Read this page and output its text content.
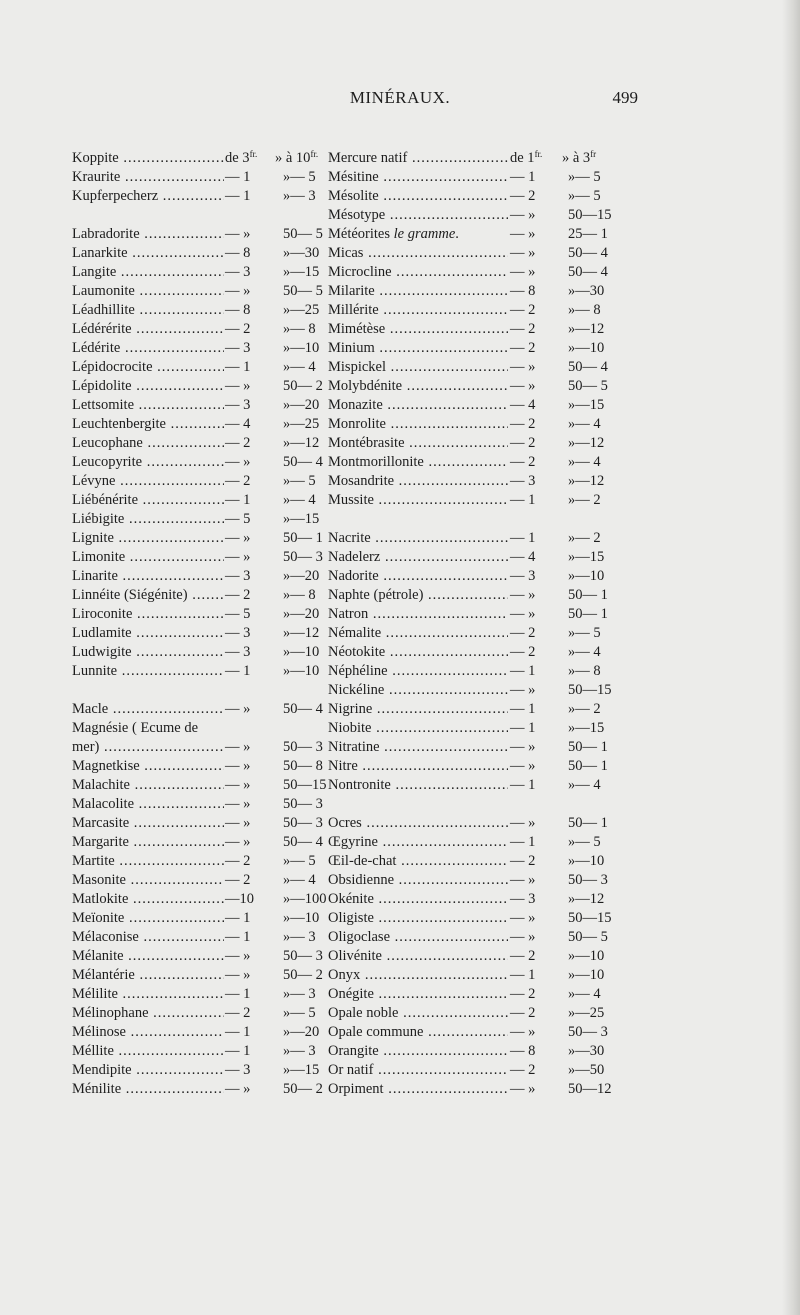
MINÉRAUX.	499
Koppite .....	de $3^{fr.}$ » à $10^{fr.}$
Kraurite .....	— 1 »— 5
Kupferpecherz .....	— 1 »— 3
Labradorite .....	— » 50— 5
Lanarkite .....	— 8 »—30
Langite .....	— 3 »—15
Laumonite .....	— » 50— 5
Léadhillite .....	— 8 »—25
Lédérérite .....	— 2 »— 8
Lédérite .....	— 3 »—10
Lépidocrocite .....	— 1 »— 4
Lépidolite .....	— » 50— 2
Lettsomite .....	— 3 »—20
Leuchtenbergite .....	— 4 »—25
Leucophane .....	— 2 »—12
Leucopyrite .....	— » 50— 4
Lévyne .....	— 2 »— 5
Liébénérite .....	— 1 »— 4
Liébigite .....	— 5 »—15
Lignite .....	— » 50— 1
Limonite .....	— » 50— 3
Linarite .....	— 3 »—20
Linnéite (Siégénite) .....	— 2 »— 8
Liroconite .....	— 5 »—20
Ludlamite .....	— 3 »—12
Ludwigite .....	— 3 »—10
Lunnite .....	— 1 »—10
Macle .....	— » 50— 4
Magnésie ( Ecume de
mer) .....	— » 50— 3
Magnetkise .....	— » 50— 8
Malachite .....	— » 50—15
Malacolite .....	— » 50— 3
Marcasite .....	— » 50— 3
Margarite .....	— » 50— 4
Martite .....	— 2 »— 5
Masonite .....	— 2 »— 4
Matlokite .....	—10 »—100
Meïonite .....	— 1 »—10
Mélaconise .....	— 1 »— 3
Mélanite .....	— » 50— 3
Mélantérie .....	— » 50— 2
Mélilite .....	— 1 »— 3
Mélinophane .....	— 2 »— 5
Mélinose .....	— 1 »—20
Méllite .....	— 1 »— 3
Mendipite .....	— 3 »—15
Ménilite .....	— » 50— 2
Mercure natif .....	de $1^{fr.}$ » à $3^{fr}$
Mésitine .....	— 1 »— 5
Mésolite .....	— 2 »— 5
Mésotype .....	— » 50—15
Météorites le gramme.	— » 25— 1
Micas .....	— » 50— 4
Microcline .....	— » 50— 4
Milarite .....	— 8 »—30
Millérite .....	— 2 »— 8
Mimétèse .....	— 2 »—12
Minium .....	— 2 »—10
Mispickel .....	— » 50— 4
Molybdénite .....	— » 50— 5
Monazite .....	— 4 »—15
Monrolite .....	— 2 »— 4
Montébrasite .....	— 2 »—12
Montmorillonite .....	— 2 »— 4
Mosandrite .....	— 3 »—12
Mussite .....	— 1 »— 2
Nacrite .....	— 1 »— 2
Nadelerz .....	— 4 »—15
Nadorite .....	— 3 »—10
Naphte (pétrole) .....	— » 50— 1
Natron .....	— » 50— 1
Némalite .....	— 2 »— 5
Néotokite .....	— 2 »— 4
Néphéline .....	— 1 »— 8
Nickéline .....	— » 50—15
Nigrine .....	— 1 »— 2
Niobite .....	— 1 »—15
Nitratine .....	— » 50— 1
Nitre .....	— » 50— 1
Nontronite .....	— 1 »— 4
Ocres .....	— » 50— 1
Œgyrine .....	— 1 »— 5
Œil-de-chat .....	— 2 »—10
Obsidienne .....	— » 50— 3
Okénite .....	— 3 »—12
Oligiste .....	— » 50—15
Oligoclase .....	— » 50— 5
Olivénite .....	— 2 »—10
Onyx .....	— 1 »—10
Onégite .....	— 2 »— 4
Opale noble .....	— 2 »—25
Opale commune .....	— » 50— 3
Orangite .....	— 8 »—30
Or natif .....	— 2 »—50
Orpiment .....	— » 50—12
